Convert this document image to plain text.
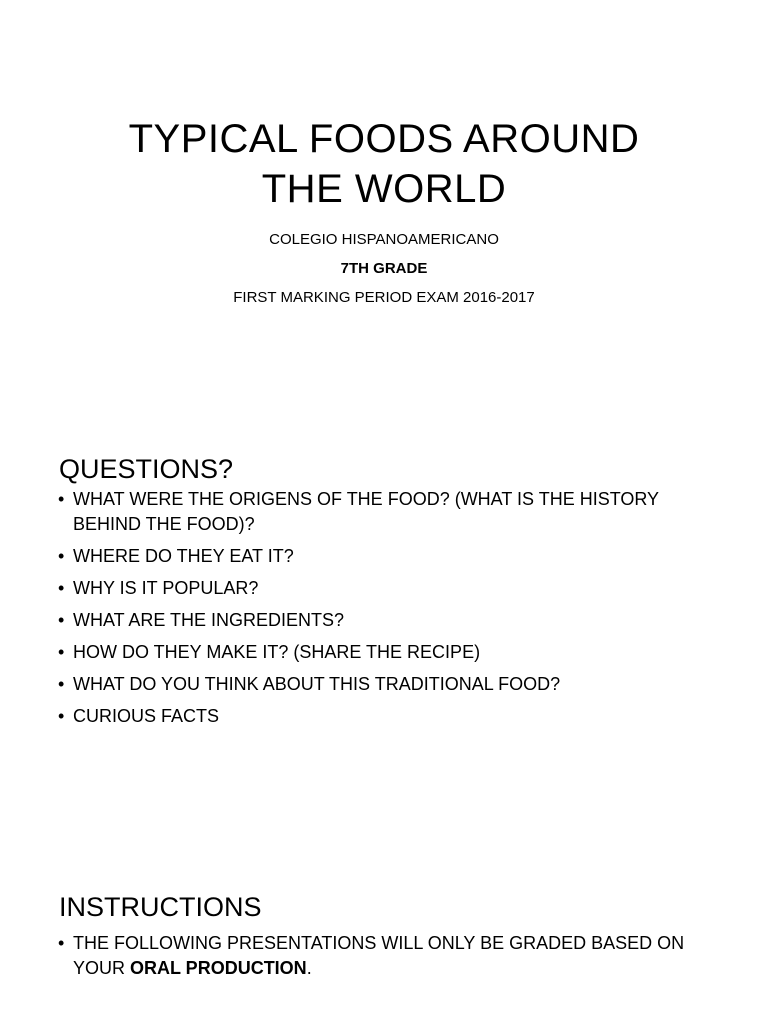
TYPICAL FOODS AROUND
THE WORLD
COLEGIO HISPANOAMERICANO
7TH GRADE
FIRST MARKING PERIOD EXAM 2016-2017
QUESTIONS?
• WHAT WERE THE ORIGENS OF THE FOOD? (WHAT IS THE HISTORY BEHIND THE FOOD)?
• WHERE DO THEY EAT IT?
• WHY IS IT POPULAR?
• WHAT ARE THE INGREDIENTS?
• HOW DO THEY MAKE IT? (SHARE THE RECIPE)
• WHAT DO YOU THINK ABOUT THIS TRADITIONAL FOOD?
• CURIOUS FACTS
INSTRUCTIONS
• THE FOLLOWING PRESENTATIONS WILL ONLY BE GRADED BASED ON YOUR ORAL PRODUCTION.
